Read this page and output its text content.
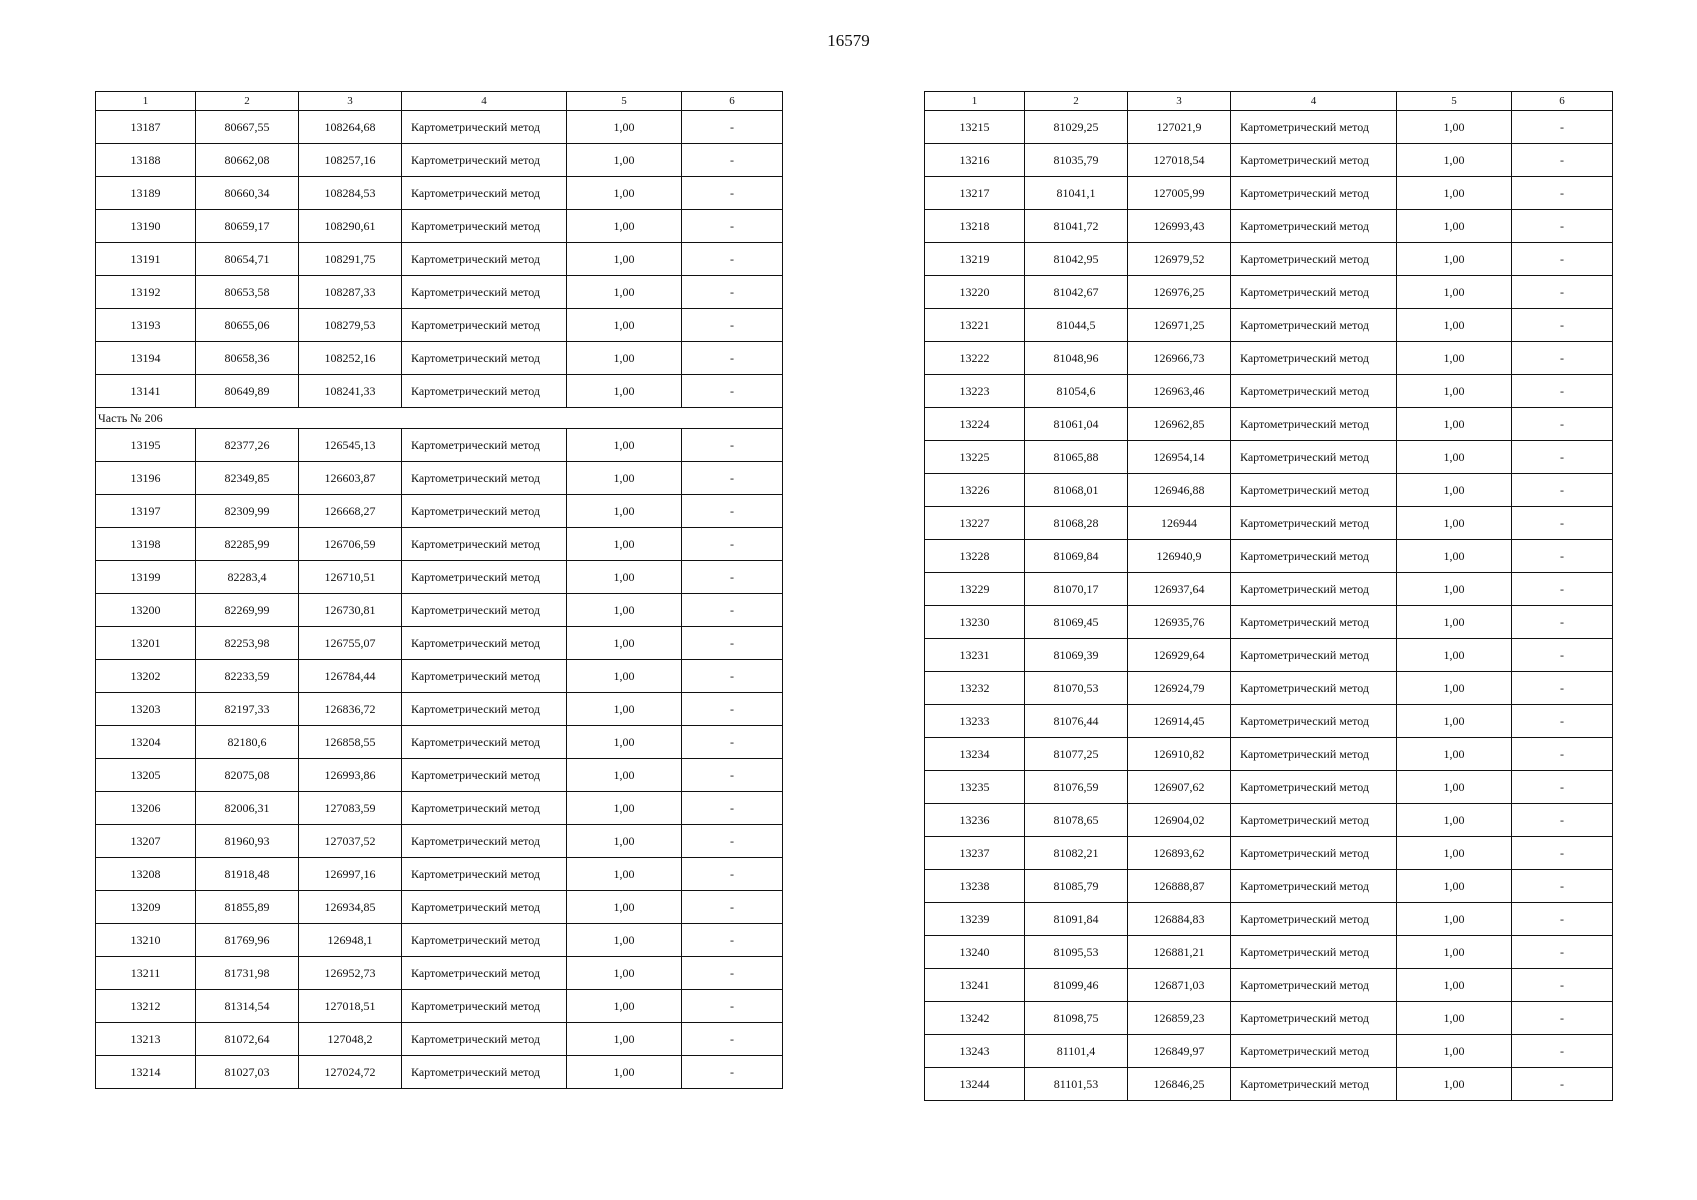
16579
1	2	3	4	5	6
13187	80667,55	108264,68	Картометрический метод	1,00	-
13188	80662,08	108257,16	Картометрический метод	1,00	-
13189	80660,34	108284,53	Картометрический метод	1,00	-
13190	80659,17	108290,61	Картометрический метод	1,00	-
13191	80654,71	108291,75	Картометрический метод	1,00	-
13192	80653,58	108287,33	Картометрический метод	1,00	-
13193	80655,06	108279,53	Картометрический метод	1,00	-
13194	80658,36	108252,16	Картометрический метод	1,00	-
13141	80649,89	108241,33	Картометрический метод	1,00	-
Часть № 206					
13195	82377,26	126545,13	Картометрический метод	1,00	-
13196	82349,85	126603,87	Картометрический метод	1,00	-
13197	82309,99	126668,27	Картометрический метод	1,00	-
13198	82285,99	126706,59	Картометрический метод	1,00	-
13199	82283,4	126710,51	Картометрический метод	1,00	-
13200	82269,99	126730,81	Картометрический метод	1,00	-
13201	82253,98	126755,07	Картометрический метод	1,00	-
13202	82233,59	126784,44	Картометрический метод	1,00	-
13203	82197,33	126836,72	Картометрический метод	1,00	-
13204	82180,6	126858,55	Картометрический метод	1,00	-
13205	82075,08	126993,86	Картометрический метод	1,00	-
13206	82006,31	127083,59	Картометрический метод	1,00	-
13207	81960,93	127037,52	Картометрический метод	1,00	-
13208	81918,48	126997,16	Картометрический метод	1,00	-
13209	81855,89	126934,85	Картометрический метод	1,00	-
13210	81769,96	126948,1	Картометрический метод	1,00	-
13211	81731,98	126952,73	Картометрический метод	1,00	-
13212	81314,54	127018,51	Картометрический метод	1,00	-
13213	81072,64	127048,2	Картометрический метод	1,00	-
13214	81027,03	127024,72	Картометрический метод	1,00	-
1	2	3	4	5	6
13215	81029,25	127021,9	Картометрический метод	1,00	-
13216	81035,79	127018,54	Картометрический метод	1,00	-
13217	81041,1	127005,99	Картометрический метод	1,00	-
13218	81041,72	126993,43	Картометрический метод	1,00	-
13219	81042,95	126979,52	Картометрический метод	1,00	-
13220	81042,67	126976,25	Картометрический метод	1,00	-
13221	81044,5	126971,25	Картометрический метод	1,00	-
13222	81048,96	126966,73	Картометрический метод	1,00	-
13223	81054,6	126963,46	Картометрический метод	1,00	-
13224	81061,04	126962,85	Картометрический метод	1,00	-
13225	81065,88	126954,14	Картометрический метод	1,00	-
13226	81068,01	126946,88	Картометрический метод	1,00	-
13227	81068,28	126944	Картометрический метод	1,00	-
13228	81069,84	126940,9	Картометрический метод	1,00	-
13229	81070,17	126937,64	Картометрический метод	1,00	-
13230	81069,45	126935,76	Картометрический метод	1,00	-
13231	81069,39	126929,64	Картометрический метод	1,00	-
13232	81070,53	126924,79	Картометрический метод	1,00	-
13233	81076,44	126914,45	Картометрический метод	1,00	-
13234	81077,25	126910,82	Картометрический метод	1,00	-
13235	81076,59	126907,62	Картометрический метод	1,00	-
13236	81078,65	126904,02	Картометрический метод	1,00	-
13237	81082,21	126893,62	Картометрический метод	1,00	-
13238	81085,79	126888,87	Картометрический метод	1,00	-
13239	81091,84	126884,83	Картометрический метод	1,00	-
13240	81095,53	126881,21	Картометрический метод	1,00	-
13241	81099,46	126871,03	Картометрический метод	1,00	-
13242	81098,75	126859,23	Картометрический метод	1,00	-
13243	81101,4	126849,97	Картометрический метод	1,00	-
13244	81101,53	126846,25	Картометрический метод	1,00	-
